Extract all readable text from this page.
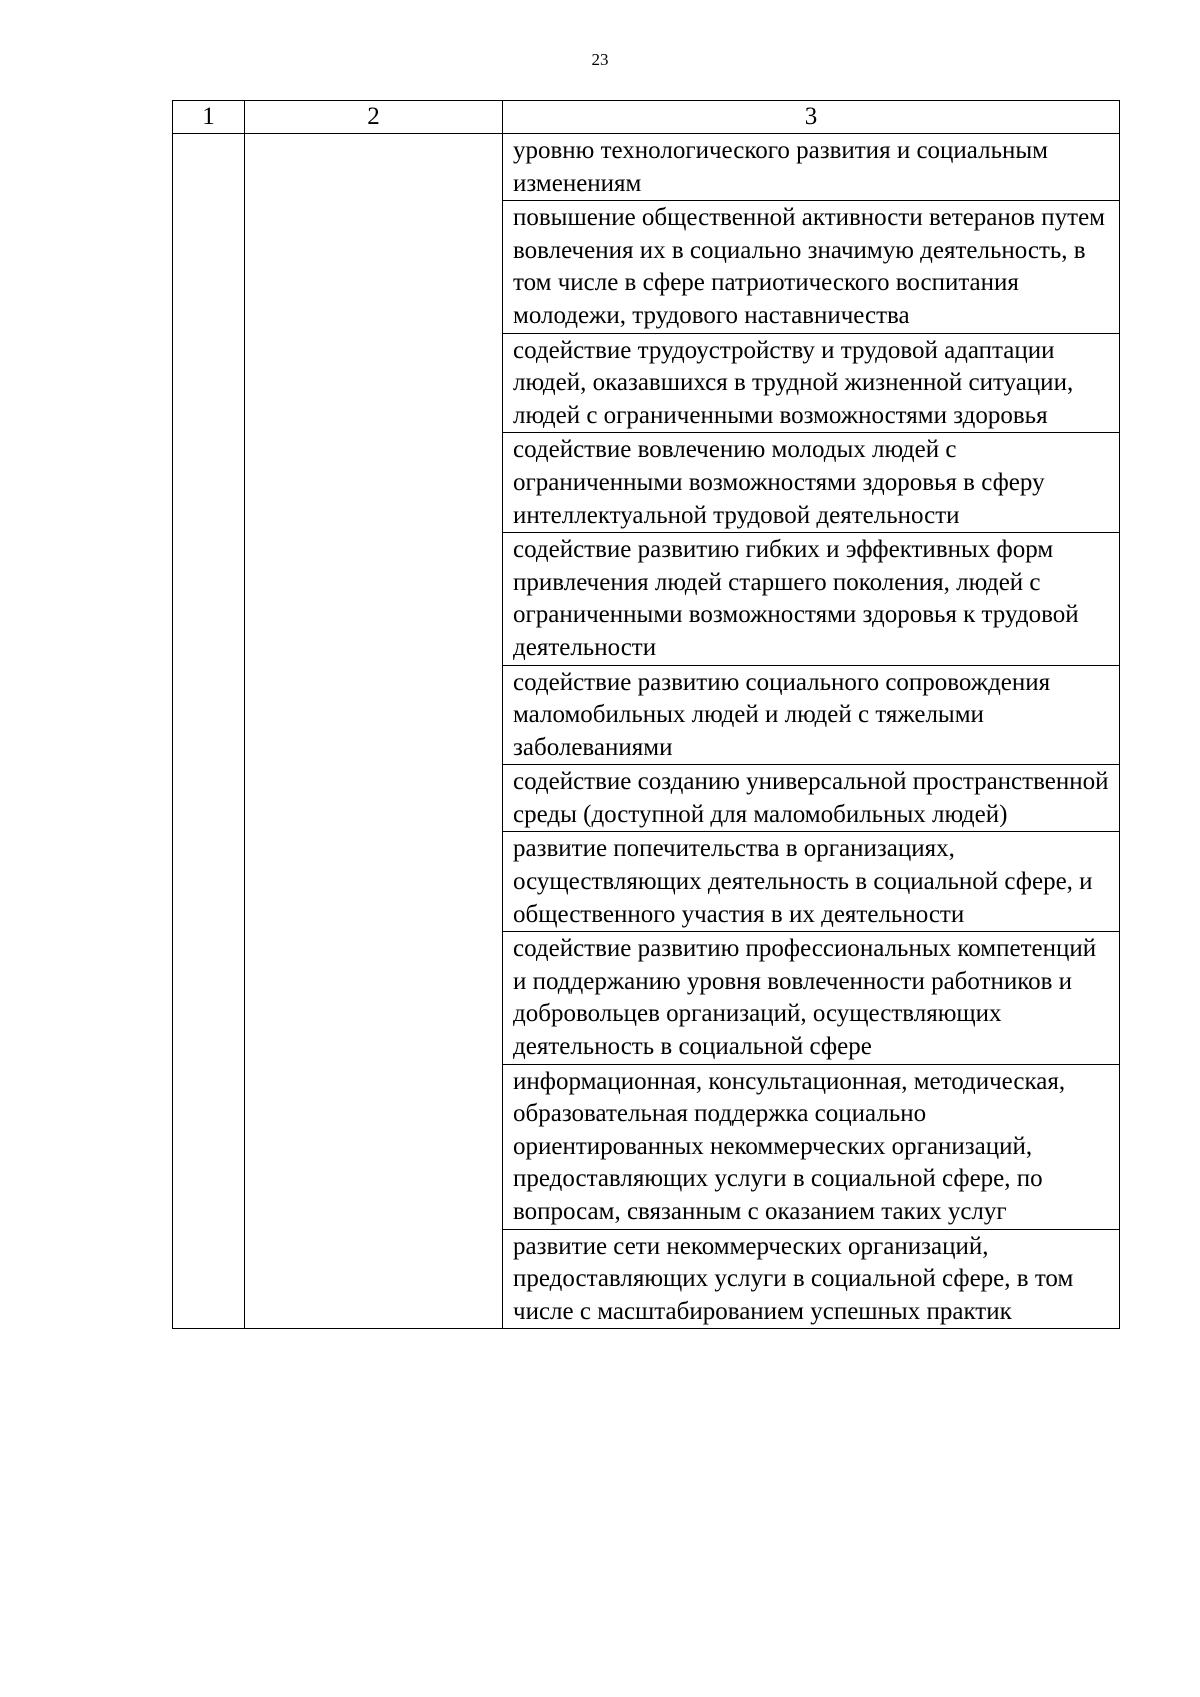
23
1	2	3
		уровню технологического развития и социальным изменениям
		повышение общественной активности ветеранов путем вовлечения их в социально значимую деятельность, в том числе в сфере патриотического воспитания молодежи, трудового наставничества
		содействие трудоустройству и трудовой адаптации людей, оказавшихся в трудной жизненной ситуации, людей с ограниченными возможностями здоровья
		содействие вовлечению молодых людей с ограниченными возможностями здоровья в сферу интеллектуальной трудовой деятельности
		содействие развитию гибких и эффективных форм привлечения людей старшего поколения, людей с ограниченными возможностями здоровья к трудовой деятельности
		содействие развитию социального сопровождения маломобильных людей и людей с тяжелыми заболеваниями
		содействие созданию универсальной пространственной среды (доступной для маломобильных людей)
		развитие попечительства в организациях, осуществляющих деятельность в социальной сфере, и общественного участия в их деятельности
		содействие развитию профессиональных компетенций и поддержанию уровня вовлеченности работников и добровольцев организаций, осуществляющих деятельность в социальной сфере
		информационная, консультационная, методическая, образовательная поддержка социально ориентированных некоммерческих организаций, предоставляющих услуги в социальной сфере, по вопросам, связанным с оказанием таких услуг
		развитие сети некоммерческих организаций, предоставляющих услуги в социальной сфере, в том числе с масштабированием успешных практик
